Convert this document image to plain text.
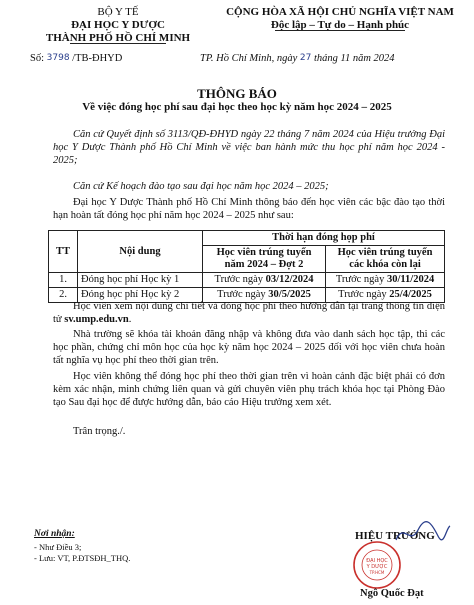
BỘ Y TẾ
ĐẠI HỌC Y DƯỢC
THÀNH PHỐ HỒ CHÍ MINH
CỘNG HÒA XÃ HỘI CHỦ NGHĨA VIỆT NAM
Độc lập – Tự do – Hạnh phúc
Số: 3798 /TB-ĐHYD	TP. Hồ Chí Minh, ngày 27 tháng 11 năm 2024
THÔNG BÁO
Về việc đóng học phí sau đại học theo học kỳ năm học 2024 – 2025
Căn cứ Quyết định số 3113/QĐ-ĐHYD ngày 22 tháng 7 năm 2024 của Hiệu trưởng Đại học Y Dược Thành phố Hồ Chí Minh về việc ban hành mức thu học phí năm học 2024 - 2025;
Căn cứ Kế hoạch đào tạo sau đại học năm học 2024 – 2025;
Đại học Y Dược Thành phố Hồ Chí Minh thông báo đến học viên các bậc đào tạo thời hạn hoàn tất đóng học phí năm học 2024 – 2025 như sau:
TT	Nội dung	Thời hạn đóng họp phí	
		Học viên trúng tuyển năm 2024 – Đợt 2	Học viên trúng tuyển các khóa còn lại
1.	Đóng học phí Học kỳ 1	Trước ngày 03/12/2024	Trước ngày 30/11/2024
2.	Đóng học phí Học kỳ 2	Trước ngày 30/5/2025	Trước ngày 25/4/2025
Học viên xem nội dung chi tiết và đóng học phí theo hướng dẫn tại trang thông tin điện tử sv.ump.edu.vn.
Nhà trường sẽ khóa tài khoản đăng nhập và không đưa vào danh sách học tập, thi các học phần, chứng chỉ môn học của học kỳ năm học 2024 – 2025 đối với học viên chưa hoàn tất nghĩa vụ học phí theo thời gian trên.
Học viên không thể đóng học phí theo thời gian trên vì hoàn cảnh đặc biệt phải có đơn kèm xác nhận, minh chứng liên quan và gửi chuyên viên phụ trách khóa học tại Phòng Đào tạo Sau đại học để được hướng dẫn, báo cáo Hiệu trưởng xem xét.
Trân trọng./.
Nơi nhận:
- Như Điều 3;
- Lưu: VT, P.ĐTSĐH_THQ.
HIỆU TRƯỞNG
ĐẠI HỌC
Y DƯỢC
TP.HCM
Ngô Quốc Đạt
